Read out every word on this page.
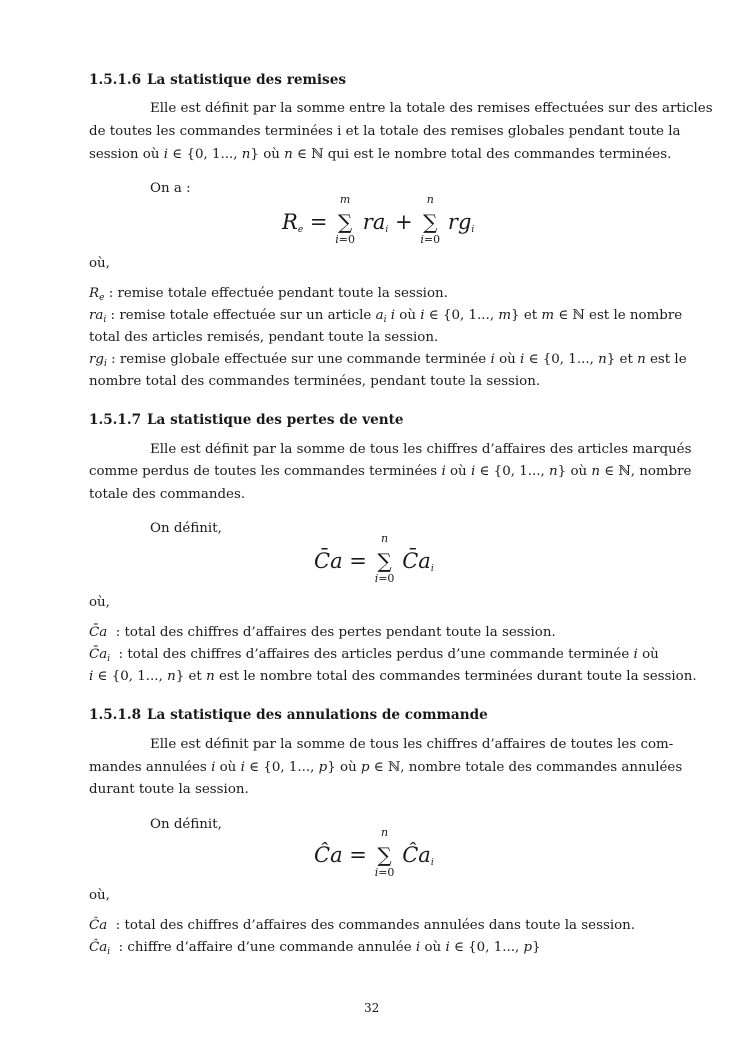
1.5.1.6 La statistique des remises
Elle est définit par la somme entre la totale des remises effectuées sur des articles
de toutes les commandes terminées i et la totale des remises globales pendant toute la
session où i ∈ {0, 1..., n} où n ∈ ℕ qui est le nombre total des commandes terminées.
On a :
$R_e$ = ∑
m
i=0
$ra_i$ + ∑
n
i=0
$rg_i$
où,
$R_e$ : remise totale effectuée pendant toute la session.
$ra_i$ : remise totale effectuée sur un article $a_i$ i où i ∈ {0, 1..., m} et m ∈ ℕ est le nombre
total des articles remisés, pendant toute la session.
$rg_i$ : remise globale effectuée sur une commande terminée i où i ∈ {0, 1..., n} et n est le
nombre total des commandes terminées, pendant toute la session.
1.5.1.7 La statistique des pertes de vente
Elle est définit par la somme de tous les chiffres d’affaires des articles marqués
comme perdus de toutes les commandes terminées i où i ∈ {0, 1..., n} où n ∈ ℕ, nombre
totale des commandes.
On définit,
C̄a = ∑
n
i=0
$C̄a_i$
où,
C̄a : total des chiffres d’affaires des pertes pendant toute la session.
$C̄a_i$ : total des chiffres d’affaires des articles perdus d’une commande terminée i où
i ∈ {0, 1..., n} et n est le nombre total des commandes terminées durant toute la session.
1.5.1.8 La statistique des annulations de commande
Elle est définit par la somme de tous les chiffres d’affaires de toutes les com-
mandes annulées i où i ∈ {0, 1..., p} où p ∈ ℕ, nombre totale des commandes annulées
durant toute la session.
On définit,
Ĉa = ∑
n
i=0
$Ĉa_i$
où,
Ĉa : total des chiffres d’affaires des commandes annulées dans toute la session.
$Ĉa_i$ : chiffre d’affaire d’une commande annulée i où i ∈ {0, 1..., p}
32
